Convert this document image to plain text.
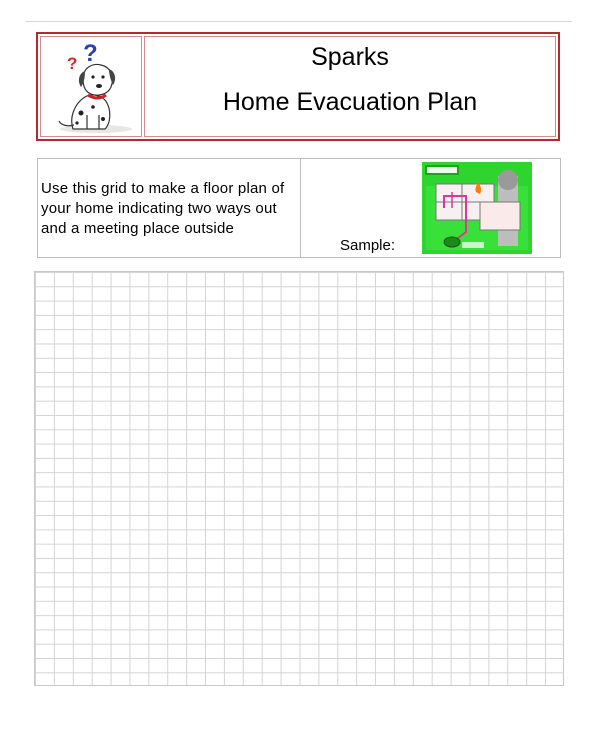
? ?	Sparks
Home Evacuation Plan
Use this grid to make a floor plan of your home indicating two ways out and a meeting place outside
Sample:
